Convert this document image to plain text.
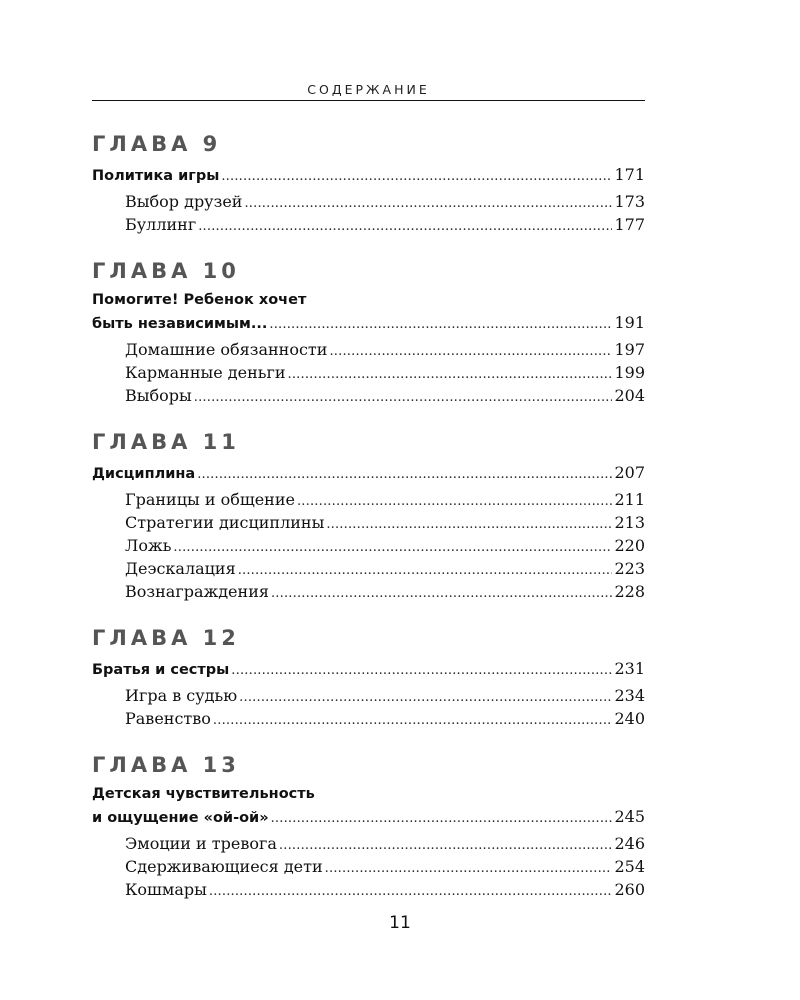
СОДЕРЖАНИЕ
ГЛАВА 9
Политика игры .....	171
Выбор друзей .....	173
Буллинг .....	177
ГЛАВА 10
Помогите! Ребенок хочет
быть независимым... .....	191
Домашние обязанности .....	197
Карманные деньги .....	199
Выборы .....	204
ГЛАВА 11
Дисциплина .....	207
Границы и общение .....	211
Стратегии дисциплины .....	213
Ложь .....	220
Деэскалация .....	223
Вознаграждения .....	228
ГЛАВА 12
Братья и сестры .....	231
Игра в судью .....	234
Равенство .....	240
ГЛАВА 13
Детская чувствительность
и ощущение «ой-ой» .....	245
Эмоции и тревога .....	246
Сдерживающиеся дети .....	254
Кошмары .....	260
11
